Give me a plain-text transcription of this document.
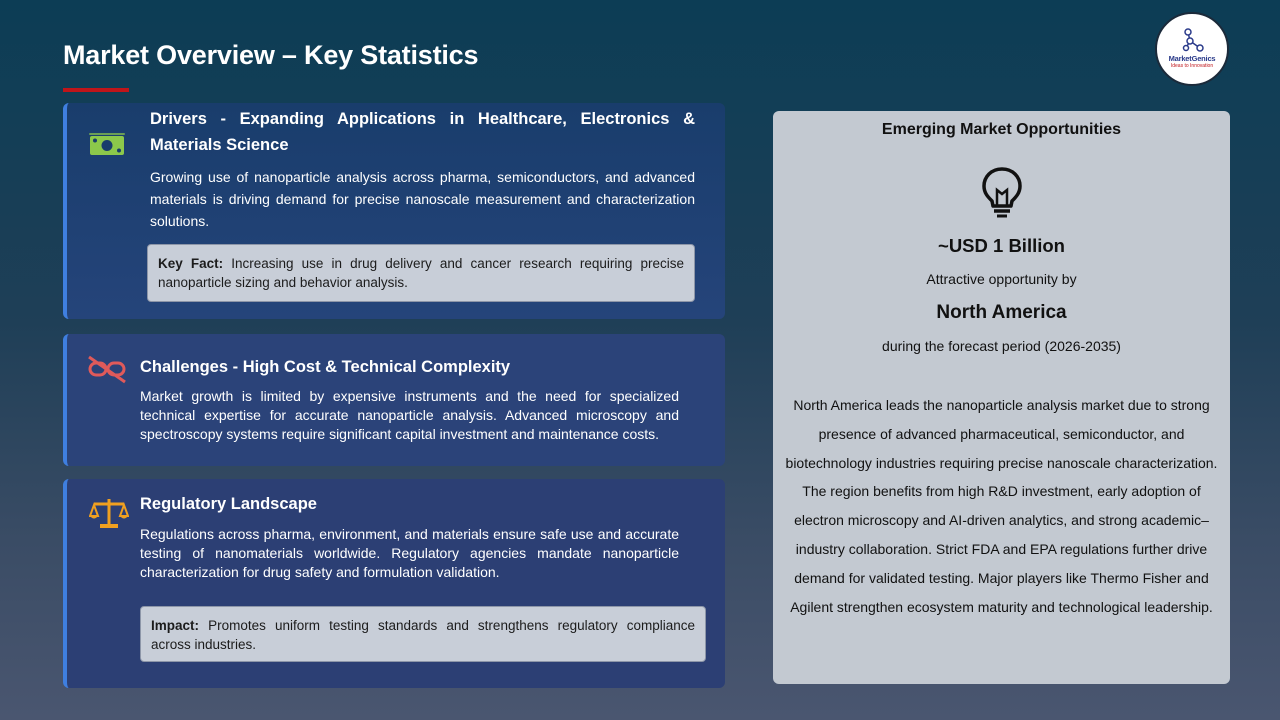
Market Overview – Key Statistics	MarketGenics
Ideas to Innovation
Drivers - Expanding Applications in Healthcare, Electronics & Materials Science

Growing use of nanoparticle analysis across pharma, semiconductors, and advanced materials is driving demand for precise nanoscale measurement and characterization solutions.

Key Fact: Increasing use in drug delivery and cancer research requiring precise nanoparticle sizing and behavior analysis.
Challenges - High Cost & Technical Complexity

Market growth is limited by expensive instruments and the need for specialized technical expertise for accurate nanoparticle analysis. Advanced microscopy and spectroscopy systems require significant capital investment and maintenance costs.

Regulatory Landscape

Regulations across pharma, environment, and materials ensure safe use and accurate testing of nanomaterials worldwide. Regulatory agencies mandate nanoparticle characterization for drug safety and formulation validation.

Impact: Promotes uniform testing standards and strengthens regulatory compliance across industries.
Emerging Market Opportunities
~USD 1 Billion
Attractive opportunity by
North America
during the forecast period (2026-2035)
North America leads the nanoparticle analysis market due to strong presence of advanced pharmaceutical, semiconductor, and biotechnology industries requiring precise nanoscale characterization. The region benefits from high R&D investment, early adoption of electron microscopy and AI-driven analytics, and strong academic–industry collaboration. Strict FDA and EPA regulations further drive demand for validated testing. Major players like Thermo Fisher and Agilent strengthen ecosystem maturity and technological leadership.
